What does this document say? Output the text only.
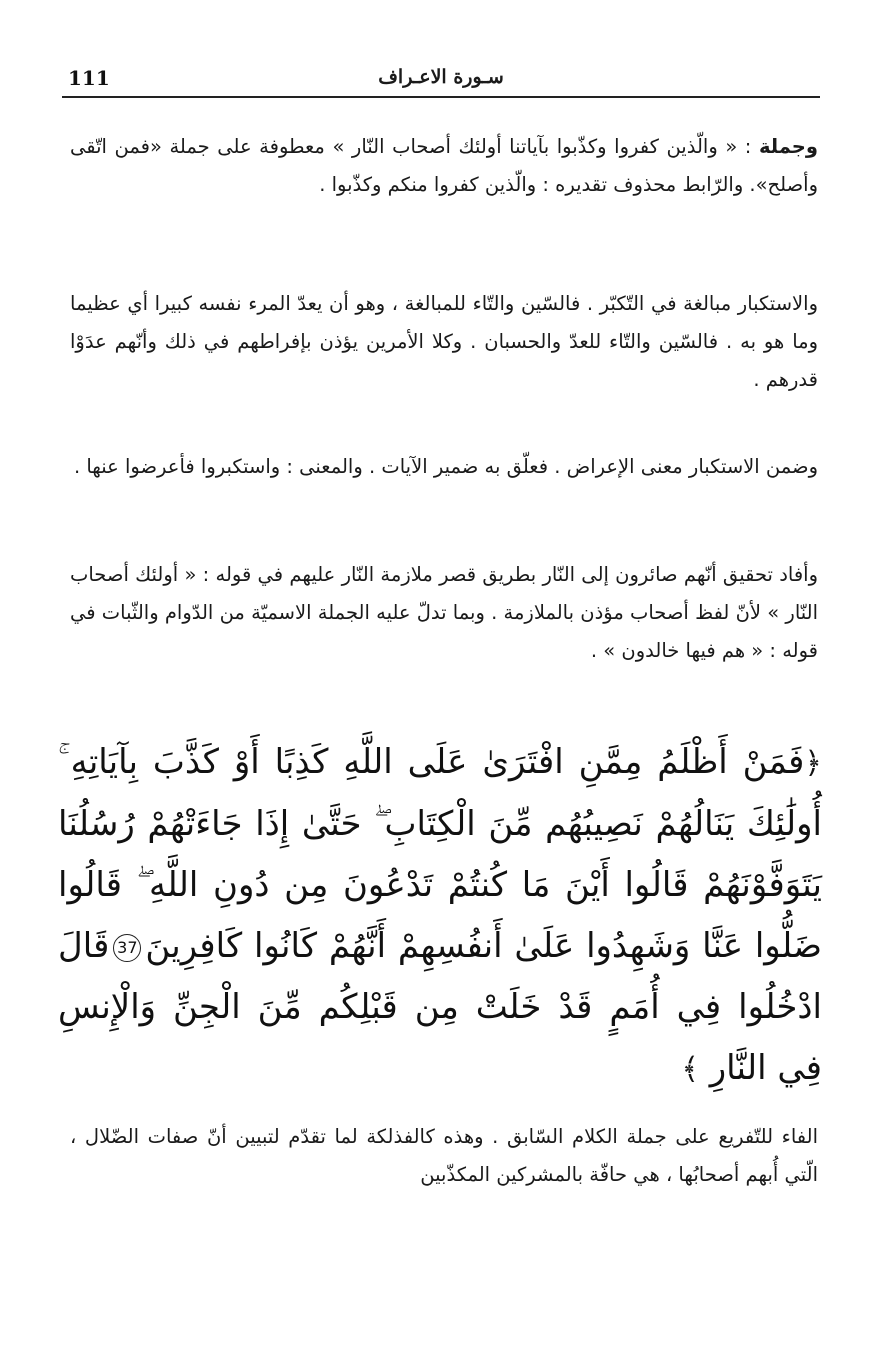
111	سـورة الاعـراف

وجملة : « والّذين كفروا وكذّبوا بآياتنا أولئك أصحاب النّار » معطوفة على جملة «فمن اتّقى وأصلح». والرّابط محذوف تقديره : والّذين كفروا منكم وكذّبوا .

والاستكبار مبالغة في التّكبّر . فالسّين والتّاء للمبالغة ، وهو أن يعدّ المرء نفسه كبيرا أي عظيما وما هو به . فالسّين والتّاء للعدّ والحسبان . وكلا الأمرين يؤذن بإفراطهم في ذلك وأنّهم عدَوْا قدرهم .

وضمن الاستكبار معنى الإعراض . فعلّق به ضمير الآيات . والمعنى : واستكبروا فأعرضوا عنها .

وأفاد تحقيق أنّهم صائرون إلى النّار بطريق قصر ملازمة النّار عليهم في قوله : « أولئك أصحاب النّار » لأنّ لفظ أصحاب مؤذن بالملازمة . وبما تدلّ عليه الجملة الاسميّة من الدّوام والثّبات في قوله : « هم فيها خالدون » .

﴿فَمَنْ أَظْلَمُ مِمَّنِ افْتَرَىٰ عَلَى اللَّهِ كَذِبًا أَوْ كَذَّبَ بِآيَاتِهِ ۚ أُولَٰئِكَ يَنَالُهُمْ نَصِيبُهُم مِّنَ الْكِتَابِ ۖ حَتَّىٰ إِذَا جَاءَتْهُمْ رُسُلُنَا يَتَوَفَّوْنَهُمْ قَالُوا أَيْنَ مَا كُنتُمْ تَدْعُونَ مِن دُونِ اللَّهِ ۖ قَالُوا ضَلُّوا عَنَّا وَشَهِدُوا عَلَىٰ أَنفُسِهِمْ أَنَّهُمْ كَانُوا كَافِرِينَ37قَالَ ادْخُلُوا فِي أُمَمٍ قَدْ خَلَتْ مِن قَبْلِكُم مِّنَ الْجِنِّ وَالْإِنسِ فِي النَّارِ ﴾

الفاء للتّفريع على جملة الكلام السّابق . وهذه كالفذلكة لما تقدّم لتبيين أنّ صفات الضّلال ، الّتي أُبهم أصحابُها ، هي حافّة بالمشركين المكذّبين
